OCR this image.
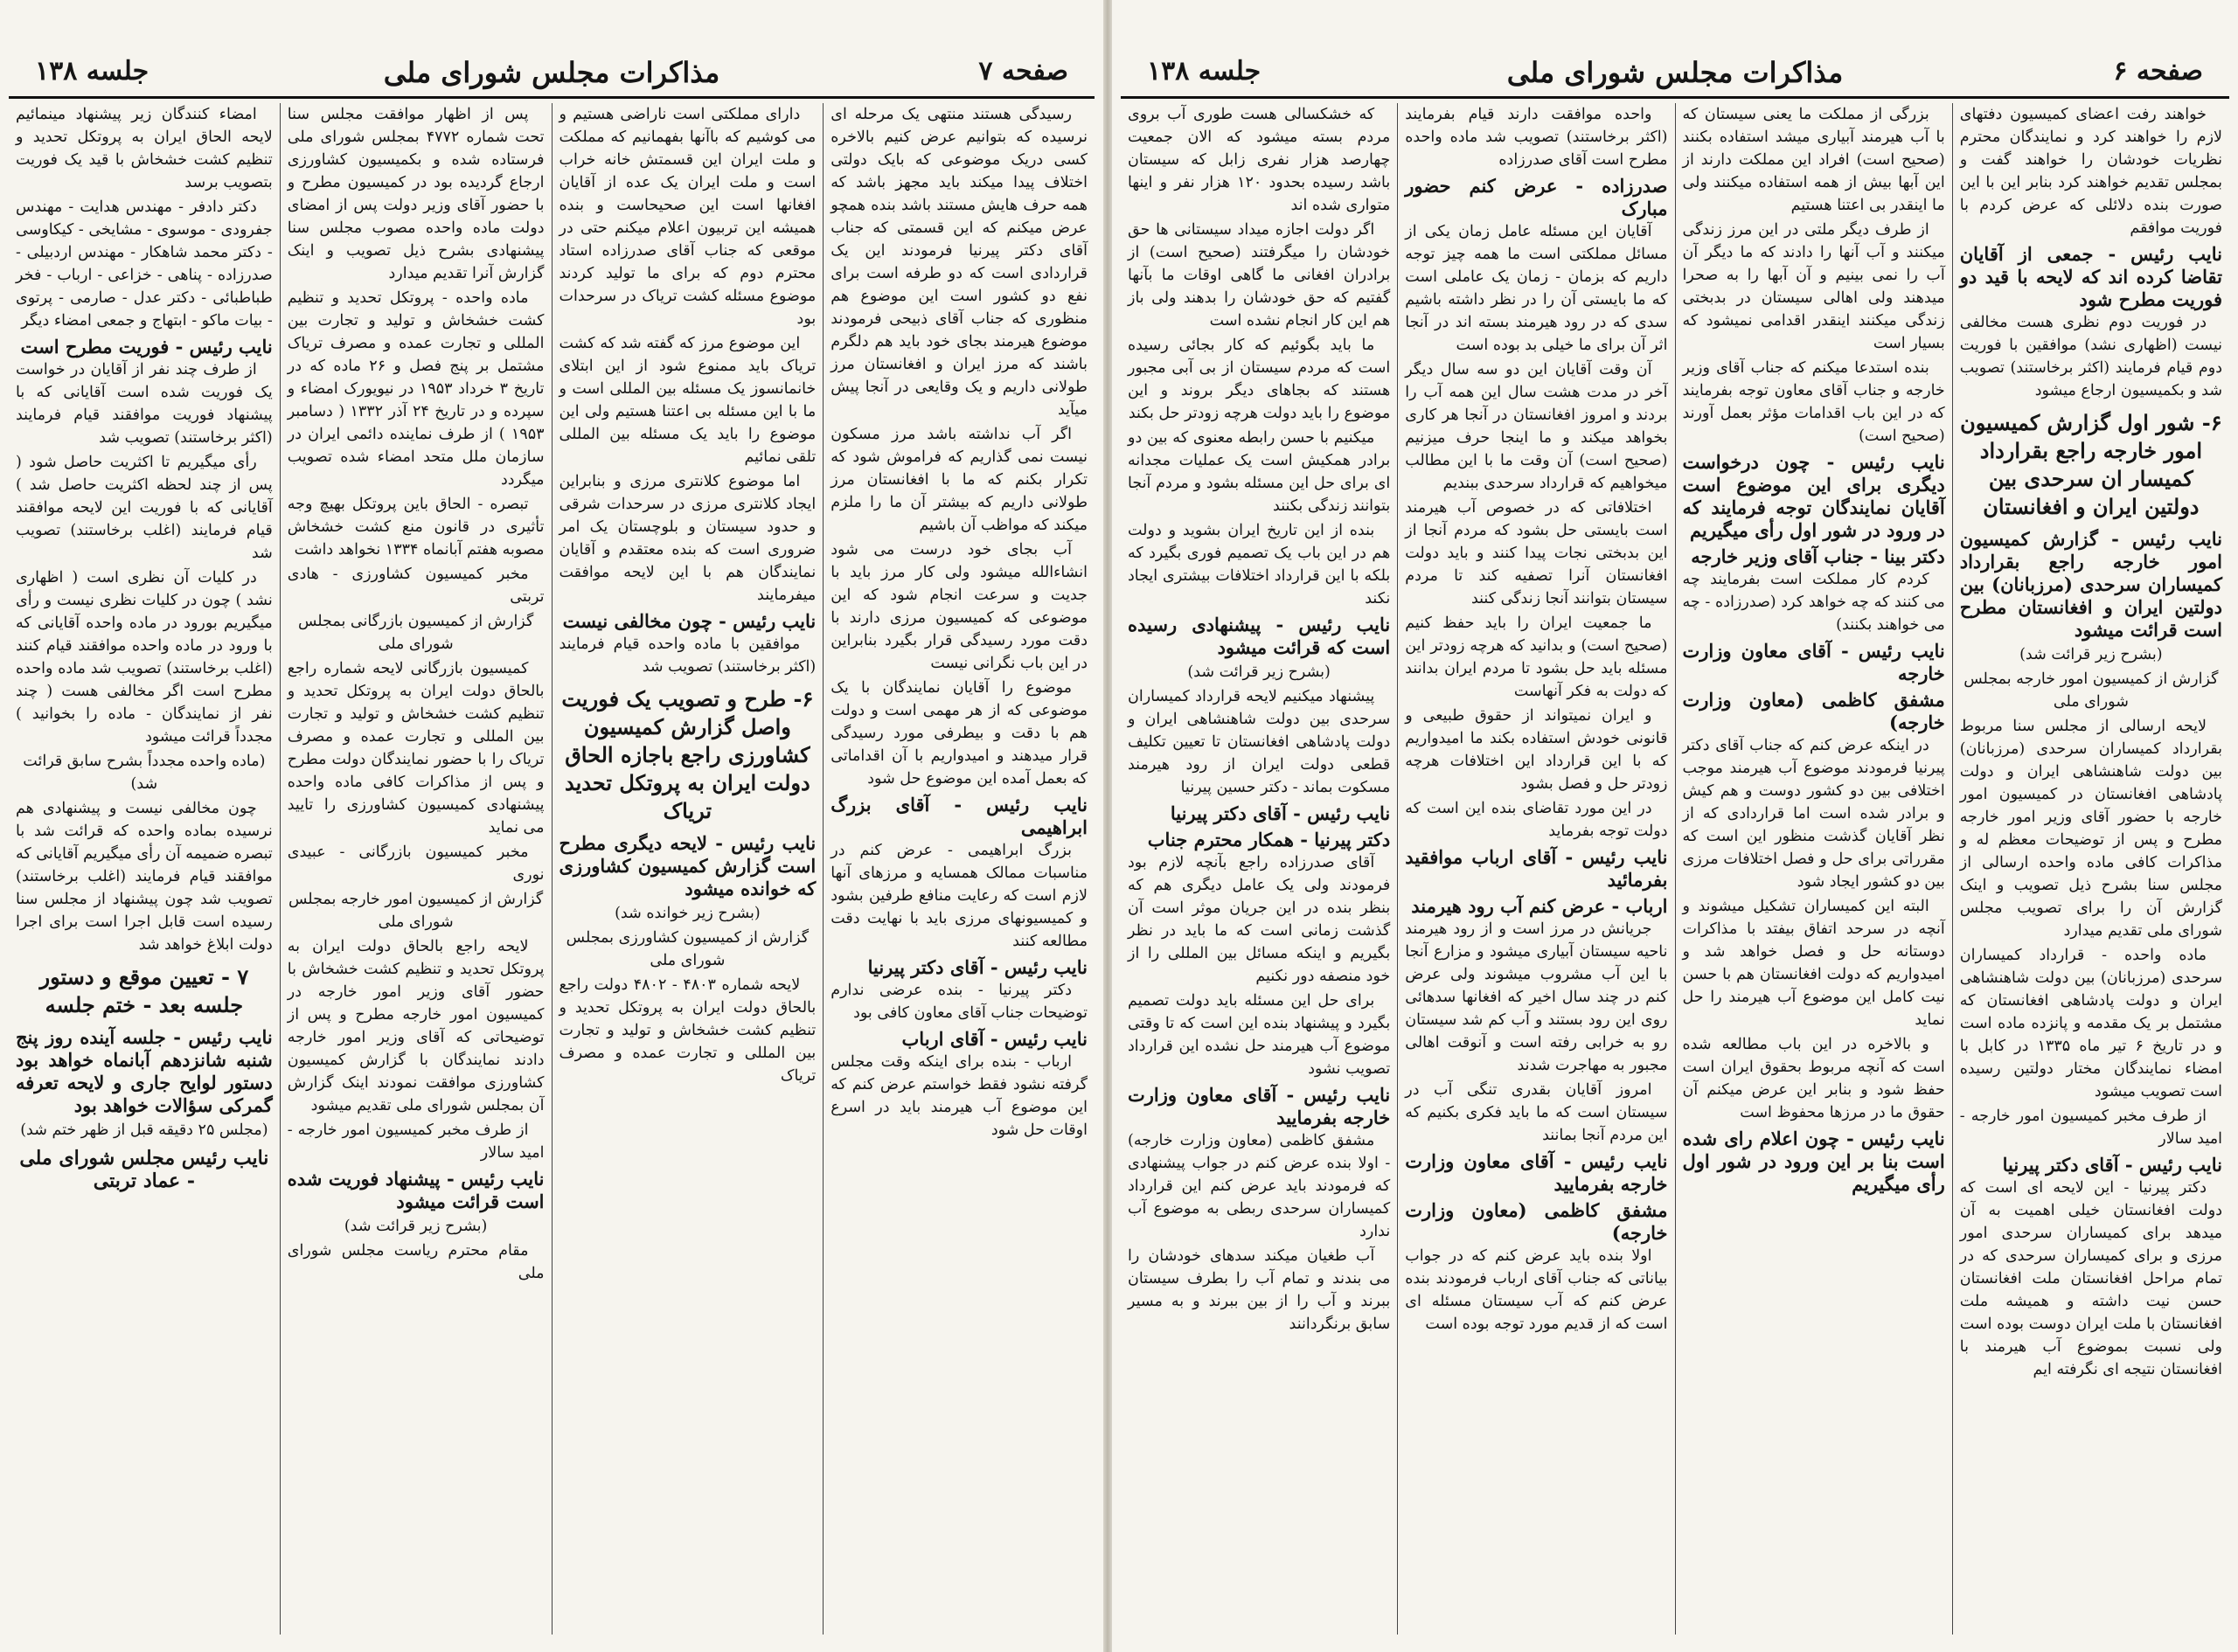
صفحه ۷
مذاکرات مجلس شورای ملی
جلسه ۱۳۸

رسیدگی هستند منتهی یک مرحله ای نرسیده که بتوانیم عرض کنیم بالاخره کسی دریک موضوعی که بایک دولتی اختلاف پیدا میکند باید مجهز باشد که همه حرف هایش مستند باشد بنده همچو عرض میکنم که این قسمتی که جناب آقای دکتر پیرنیا فرمودند این یک قراردادی است که دو طرفه است برای نفع دو کشور است این موضوع هم منظوری که جناب آقای ذبیحی فرمودند موضوع هیرمند بجای خود باید هم دلگرم باشند که مرز ایران و افغانستان مرز طولانی داریم و یک وقایعی در آنجا پیش میآید

اگر آب نداشته باشد مرز مسکون نیست نمی گذاریم که فراموش شود که تکرار بکنم که ما با افغانستان مرز طولانی داریم که بیشتر آن ما را ملزم میکند که مواظب آن باشیم

آب بجای خود درست می شود انشاءالله میشود ولی کار مرز باید با جدیت و سرعت انجام شود که این موضوعی که کمیسیون مرزی دارند با دقت مورد رسیدگی قرار بگیرد بنابراین در این باب نگرانی نیست

موضوع را آقایان نمایندگان با یک موضوعی که از هر مهمی است و دولت هم با دقت و بیطرفی مورد رسیدگی قرار میدهند و امیدواریم با آن اقداماتی که بعمل آمده این موضوع حل شود

نایب رئیس - آقای بزرگ ابراهیمی

بزرگ ابراهیمی - عرض کنم در مناسبات ممالک همسایه و مرزهای آنها لازم است که رعایت منافع طرفین بشود و کمیسیونهای مرزی باید با نهایت دقت مطالعه کنند

نایب رئیس - آقای دکتر پیرنیا

دکتر پیرنیا - بنده عرضی ندارم توضیحات جناب آقای معاون کافی بود

نایب رئیس - آقای ارباب

ارباب - بنده برای اینکه وقت مجلس گرفته نشود فقط خواستم عرض کنم که این موضوع آب هیرمند باید در اسرع اوقات حل شود

دارای مملکتی است ناراضی هستیم و می کوشیم که باآنها بفهمانیم که مملکت و ملت ایران این قسمتش خانه خراب است و ملت ایران یک عده از آقایان افغانها است این صحیحاست و بنده همیشه این تربیون اعلام میکنم حتی در موقعی که جناب آقای صدرزاده استاد محترم دوم که برای ما تولید کردند موضوع مسئله کشت تریاک در سرحدات بود

این موضوع مرز که گفته شد که کشت تریاک باید ممنوع شود از این ابتلای خانمانسوز یک مسئله بین المللی است و ما با این مسئله بی اعتنا هستیم ولی این موضوع را باید یک مسئله بین المللی تلقی نمائیم

اما موضوع کلانتری مرزی و بنابراین ایجاد کلانتری مرزی در سرحدات شرقی و حدود سیستان و بلوچستان یک امر ضروری است که بنده معتقدم و آقایان نمایندگان هم با این لایحه موافقت میفرمایند

نایب رئیس - چون مخالفی نیست

موافقین با ماده واحده قیام فرمایند (اکثر برخاستند) تصویب شد

۶- طرح و تصویب یک فوریت واصل گزارش کمیسیون کشاورزی راجع باجازه الحاق دولت ایران به پروتکل تحدید تریاک

نایب رئیس - لایحه دیگری مطرح است گزارش کمیسیون کشاورزی که خوانده میشود

(بشرح زیر خوانده شد)

گزارش از کمیسیون کشاورزی بمجلس شورای ملی

لایحه شماره ۴۸۰۳ - ۴۸۰۲ دولت راجع بالحاق دولت ایران به پروتکل تحدید و تنظیم کشت خشخاش و تولید و تجارت بین المللی و تجارت عمده و مصرف تریاک

پس از اظهار موافقت مجلس سنا تحت شماره ۴۷۷۲ بمجلس شورای ملی فرستاده شده و بکمیسیون کشاورزی ارجاع گردیده بود در کمیسیون مطرح و با حضور آقای وزیر دولت پس از امضای دولت ماده واحده مصوب مجلس سنا پیشنهادی بشرح ذیل تصویب و اینک گزارش آنرا تقدیم میدارد

ماده واحده - پروتکل تحدید و تنظیم کشت خشخاش و تولید و تجارت بین المللی و تجارت عمده و مصرف تریاک مشتمل بر پنج فصل و ۲۶ ماده که در تاریخ ۳ خرداد ۱۹۵۳ در نیویورک امضاء و سپرده و در تاریخ ۲۴ آذر ۱۳۳۲ ( دسامبر ۱۹۵۳ ) از طرف نماینده دائمی ایران در سازمان ملل متحد امضاء شده تصویب میگردد

تبصره - الحاق باین پروتکل بهیچ وجه تأثیری در قانون منع کشت خشخاش مصوبه هفتم آبانماه ۱۳۳۴ نخواهد داشت

مخبر کمیسیون کشاورزی - هادی تربتی

گزارش از کمیسیون بازرگانی بمجلس شورای ملی

کمیسیون بازرگانی لایحه شماره راجع بالحاق دولت ایران به پروتکل تحدید و تنظیم کشت خشخاش و تولید و تجارت بین المللی و تجارت عمده و مصرف تریاک را با حضور نمایندگان دولت مطرح و پس از مذاکرات کافی ماده واحده پیشنهادی کمیسیون کشاورزی را تایید می نماید

مخبر کمیسیون بازرگانی - عبیدی نوری

گزارش از کمیسیون امور خارجه بمجلس شورای ملی

لایحه راجع بالحاق دولت ایران به پروتکل تحدید و تنظیم کشت خشخاش با حضور آقای وزیر امور خارجه در کمیسیون امور خارجه مطرح و پس از توضیحاتی که آقای وزیر امور خارجه دادند نمایندگان با گزارش کمیسیون کشاورزی موافقت نمودند اینک گزارش آن بمجلس شورای ملی تقدیم میشود

از طرف مخبر کمیسیون امور خارجه - امید سالار

نایب رئیس - پیشنهاد فوریت شده است قرائت میشود

(بشرح زیر قرائت شد)

مقام محترم ریاست مجلس شورای ملی

امضاء کنندگان زیر پیشنهاد مینمائیم لایحه الحاق ایران به پروتکل تحدید و تنظیم کشت خشخاش با قید یک فوریت بتصویب برسد

دکتر دادفر - مهندس هدایت - مهندس جفرودی - موسوی - مشایخی - کیکاوسی - دکتر محمد شاهکار - مهندس اردبیلی - صدرزاده - پناهی - خزاعی - ارباب - فخر طباطبائی - دکتر عدل - صارمی - پرتوی - بیات ماکو - ابتهاج و جمعی امضاء دیگر

نایب رئیس - فوریت مطرح است

از طرف چند نفر از آقایان در خواست یک فوریت شده است آقایانی که با پیشنهاد فوریت موافقند قیام فرمایند (اکثر برخاستند) تصویب شد

رأی میگیریم تا اکثریت حاصل شود ( پس از چند لحظه اکثریت حاصل شد ) آقایانی که با فوریت این لایحه موافقند قیام فرمایند (اغلب برخاستند) تصویب شد

در کلیات آن نظری است ( اظهاری نشد ) چون در کلیات نظری نیست و رأی میگیریم بورود در ماده واحده آقایانی که با ورود در ماده واحده موافقند قیام کنند (اغلب برخاستند) تصویب شد ماده واحده مطرح است اگر مخالفی هست ( چند نفر از نمایندگان - ماده را بخوانید ) مجدداً قرائت میشود

(ماده واحده مجدداً بشرح سابق قرائت شد)

چون مخالفی نیست و پیشنهادی هم نرسیده بماده واحده که قرائت شد با تبصره ضمیمه آن رأی میگیریم آقایانی که موافقند قیام فرمایند (اغلب برخاستند) تصویب شد چون پیشنهاد از مجلس سنا رسیده است قابل اجرا است برای اجرا دولت ابلاغ خواهد شد

۷ - تعیین موقع و دستور جلسه بعد - ختم جلسه

نایب رئیس - جلسه آینده روز پنج شنبه شانزدهم آبانماه خواهد بود دستور لوایح جاری و لایحه تعرفه گمرکی سؤالات خواهد بود

(مجلس ۲۵ دقیقه قبل از ظهر ختم شد)

نایب رئیس مجلس شورای ملی - عماد تربتی

صفحه ۶
مذاکرات مجلس شورای ملی
جلسه ۱۳۸

خواهند رفت اعضای کمیسیون دفتهای لازم را خواهند کرد و نمایندگان محترم نظریات خودشان را خواهند گفت و بمجلس تقدیم خواهند کرد بنابر این با این صورت بنده دلائلی که عرض کردم با فوریت موافقم

نایب رئیس - جمعی از آقایان تقاضا کرده اند که لایحه با قید دو فوریت مطرح شود

در فوریت دوم نظری هست مخالفی نیست (اظهاری نشد) موافقین با فوریت دوم قیام فرمایند (اکثر برخاستند) تصویب شد و بکمیسیون ارجاع میشود

۶- شور اول گزارش کمیسیون امور خارجه راجع بقرارداد کمیسار ان سرحدی بین دولتین ایران و افغانستان

نایب رئیس - گزارش کمیسیون امور خارجه راجع بقرارداد کمیساران سرحدی (مرزبانان) بین دولتین ایران و افغانستان مطرح است قرائت میشود

(بشرح زیر قرائت شد)

گزارش از کمیسیون امور خارجه بمجلس شورای ملی

لایحه ارسالی از مجلس سنا مربوط بقرارداد کمیساران سرحدی (مرزبانان) بین دولت شاهنشاهی ایران و دولت پادشاهی افغانستان در کمیسیون امور خارجه با حضور آقای وزیر امور خارجه مطرح و پس از توضیحات معظم له و مذاکرات کافی ماده واحده ارسالی از مجلس سنا بشرح ذیل تصویب و اینک گزارش آن را برای تصویب مجلس شورای ملی تقدیم میدارد

ماده واحده - قرارداد کمیساران سرحدی (مرزبانان) بین دولت شاهنشاهی ایران و دولت پادشاهی افغانستان که مشتمل بر یک مقدمه و پانزده ماده است و در تاریخ ۶ تیر ماه ۱۳۳۵ در کابل با امضاء نمایندگان مختار دولتین رسیده است تصویب میشود

از طرف مخبر کمیسیون امور خارجه - امید سالار

نایب رئیس - آقای دکتر پیرنیا

دکتر پیرنیا - این لایحه ای است که دولت افغانستان خیلی اهمیت به آن میدهد برای کمیساران سرحدی امور مرزی و برای کمیساران سرحدی که در تمام مراحل افغانستان ملت افغانستان حسن نیت داشته و همیشه ملت افغانستان با ملت ایران دوست بوده است ولی نسبت بموضوع آب هیرمند با افغانستان نتیجه ای نگرفته ایم

بزرگی از مملکت ما یعنی سیستان که با آب هیرمند آبیاری میشد استفاده بکنند (صحیح است) افراد این مملکت دارند از این آبها بیش از همه استفاده میکنند ولی ما اینقدر بی اعتنا هستیم

از طرف دیگر ملتی در این مرز زندگی میکنند و آب آنها را دادند که ما دیگر آن آب را نمی بینیم و آن آبها را به صحرا میدهند ولی اهالی سیستان در بدبختی زندگی میکنند اینقدر اقدامی نمیشود که بسیار است

بنده استدعا میکنم که جناب آقای وزیر خارجه و جناب آقای معاون توجه بفرمایند که در این باب اقدامات مؤثر بعمل آورند (صحیح است)

نایب رئیس - چون درخواست دیگری برای این موضوع است آقایان نمایندگان توجه فرمایند که در ورود در شور اول رأی میگیریم

دکتر بینا - جناب آقای وزیر خارجه

کردم کار مملکت است بفرمایند چه می کنند که چه خواهد کرد (صدرزاده - چه می خواهند بکنند)

نایب رئیس - آقای معاون وزارت خارجه

مشفق کاظمی (معاون وزارت خارجه)

در اینکه عرض کنم که جناب آقای دکتر پیرنیا فرمودند موضوع آب هیرمند موجب اختلافی بین دو کشور دوست و هم کیش و برادر شده است اما قراردادی که از نظر آقایان گذشت منظور این است که مقرراتی برای حل و فصل اختلافات مرزی بین دو کشور ایجاد شود

البته این کمیساران تشکیل میشوند و آنچه در سرحد اتفاق بیفتد با مذاکرات دوستانه حل و فصل خواهد شد و امیدواریم که دولت افغانستان هم با حسن نیت کامل این موضوع آب هیرمند را حل نماید

و بالاخره در این باب مطالعه شده است که آنچه مربوط بحقوق ایران است حفظ شود و بنابر این عرض میکنم آن حقوق ما در مرزها محفوظ است

نایب رئیس - چون اعلام رای شده است بنا بر این ورود در شور اول رأی میگیریم

واحده موافقت دارند قیام بفرمایند (اکثر برخاستند) تصویب شد ماده واحده مطرح است آقای صدرزاده

صدرزاده - عرض کنم حضور مبارک

آقایان این مسئله عامل زمان یکی از مسائل مملکتی است ما همه چیز توجه داریم که بزمان - زمان یک عاملی است که ما بایستی آن را در نظر داشته باشیم سدی که در رود هیرمند بسته اند در آنجا اثر آن برای ما خیلی بد بوده است

آن وقت آقایان این دو سه سال دیگر آخر در مدت هشت سال این همه آب را بردند و امروز افغانستان در آنجا هر کاری بخواهد میکند و ما اینجا حرف میزنیم (صحیح است) آن وقت ما با این مطالب میخواهیم که قرارداد سرحدی ببندیم

اختلافاتی که در خصوص آب هیرمند است بایستی حل بشود که مردم آنجا از این بدبختی نجات پیدا کنند و باید دولت افغانستان آنرا تصفیه کند تا مردم سیستان بتوانند آنجا زندگی کنند

ما جمعیت ایران را باید حفظ کنیم (صحیح است) و بدانید که هرچه زودتر این مسئله باید حل بشود تا مردم ایران بدانند که دولت به فکر آنهاست

و ایران نمیتواند از حقوق طبیعی و قانونی خودش استفاده بکند ما امیدواریم که با این قرارداد این اختلافات هرچه زودتر حل و فصل بشود

در این مورد تقاضای بنده این است که دولت توجه بفرماید

نایب رئیس - آقای ارباب موافقید بفرمائید

ارباب - عرض کنم آب رود هیرمند

جریانش در مرز است و از رود هیرمند ناحیه سیستان آبیاری میشود و مزارع آنجا با این آب مشروب میشوند ولی عرض کنم در چند سال اخیر که افغانها سدهائی روی این رود بستند و آب کم شد سیستان رو به خرابی رفته است و آنوقت اهالی مجبور به مهاجرت شدند

امروز آقایان بقدری تنگی آب در سیستان است که ما باید فکری بکنیم که این مردم آنجا بمانند

نایب رئیس - آقای معاون وزارت خارجه بفرمایید

مشفق کاظمی (معاون وزارت خارجه)

اولا بنده باید عرض کنم که در جواب بیاناتی که جناب آقای ارباب فرمودند بنده عرض کنم که آب سیستان مسئله ای است که از قدیم مورد توجه بوده است

که خشکسالی هست طوری آب بروی مردم بسته میشود که الان جمعیت چهارصد هزار نفری زابل که سیستان باشد رسیده بحدود ۱۲۰ هزار نفر و اینها متواری شده اند

اگر دولت اجازه میداد سیستانی ها حق خودشان را میگرفتند (صحیح است) از برادران افغانی ما گاهی اوقات ما بآنها گفتیم که حق خودشان را بدهند ولی باز هم این کار انجام نشده است

ما باید بگوئیم که کار بجائی رسیده است که مردم سیستان از بی آبی مجبور هستند که بجاهای دیگر بروند و این موضوع را باید دولت هرچه زودتر حل بکند

میکنیم با حسن رابطه معنوی که بین دو برادر همکیش است یک عملیات مجدانه ای برای حل این مسئله بشود و مردم آنجا بتوانند زندگی بکنند

بنده از این تاریخ ایران بشوید و دولت هم در این باب یک تصمیم فوری بگیرد که بلکه با این قرارداد اختلافات بیشتری ایجاد نکند

نایب رئیس - پیشنهادی رسیده است که قرائت میشود

(بشرح زیر قرائت شد)

پیشنهاد میکنیم لایحه قرارداد کمیساران سرحدی بین دولت شاهنشاهی ایران و دولت پادشاهی افغانستان تا تعیین تکلیف قطعی دولت ایران از رود هیرمند مسکوت بماند - دکتر حسین پیرنیا

نایب رئیس - آقای دکتر پیرنیا

دکتر پیرنیا - همکار محترم جناب

آقای صدرزاده راجع بآنچه لازم بود فرمودند ولی یک عامل دیگری هم که بنظر بنده در این جریان موثر است آن گذشت زمانی است که ما باید در نظر بگیریم و اینکه مسائل بین المللی را از خود منصفه دور نکنیم

برای حل این مسئله باید دولت تصمیم بگیرد و پیشنهاد بنده این است که تا وقتی موضوع آب هیرمند حل نشده این قرارداد تصویب نشود

نایب رئیس - آقای معاون وزارت خارجه بفرمایید

مشفق کاظمی (معاون وزارت خارجه) - اولا بنده عرض کنم در جواب پیشنهادی که فرمودند باید عرض کنم این قرارداد کمیساران سرحدی ربطی به موضوع آب ندارد

آب طغیان میکند سدهای خودشان را می بندند و تمام آب را بطرف سیستان ببرند و آب را از بین ببرند و به مسیر سابق برنگردانند
